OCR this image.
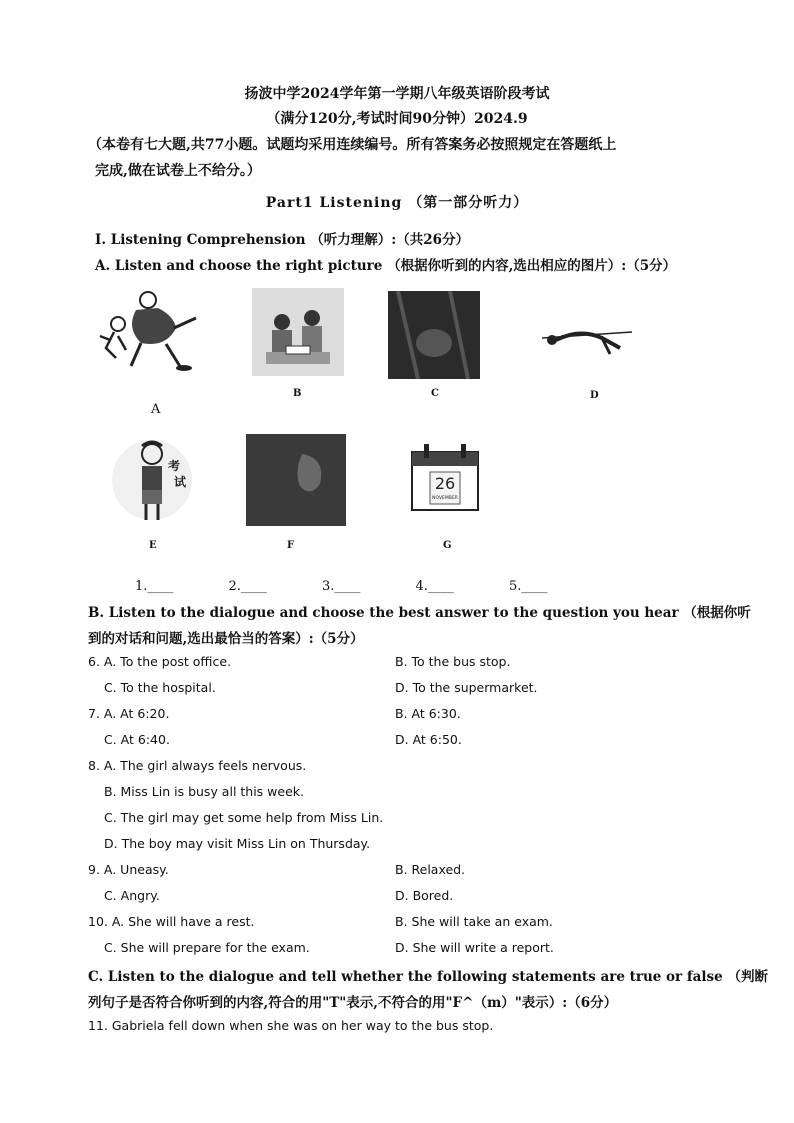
扬波中学2024学年第一学期八年级英语阶段考试
（满分120分,考试时间90分钟）2024.9
（本卷有七大题,共77小题。试题均采用连续编号。所有答案务必按照规定在答题纸上
完成,做在试卷上不给分。）
Part1 Listening （第一部分听力）
I. Listening Comprehension （听力理解）:（共26分）
A. Listen and choose the right picture （根据你听到的内容,选出相应的图片）:（5分）
A
B	C	D
考
试
E	F
26
NOVEMBER
G
1.____	2.____	3.____	4.____	5.____
B. Listen to the dialogue and choose the best answer to the question you hear （根据你听
到的对话和问题,选出最恰当的答案）:（5分）
6. A. To the post office.	B. To the bus stop.
C. To the hospital.	D. To the supermarket.
7. A. At 6:20.	B. At 6:30.
C. At 6:40.	D. At 6:50.
8. A. The girl always feels nervous.
B. Miss Lin is busy all this week.
C. The girl may get some help from Miss Lin.
D. The boy may visit Miss Lin on Thursday.
9. A. Uneasy.	B. Relaxed.
C. Angry.	D. Bored.
10. A. She will have a rest.	B. She will take an exam.
C. She will prepare for the exam.	D. She will write a report.
C. Listen to the dialogue and tell whether the following statements are true or false （判断
列句子是否符合你听到的内容,符合的用"T"表示,不符合的用"F^（m）"表示）:（6分）
11. Gabriela fell down when she was on her way to the bus stop.
